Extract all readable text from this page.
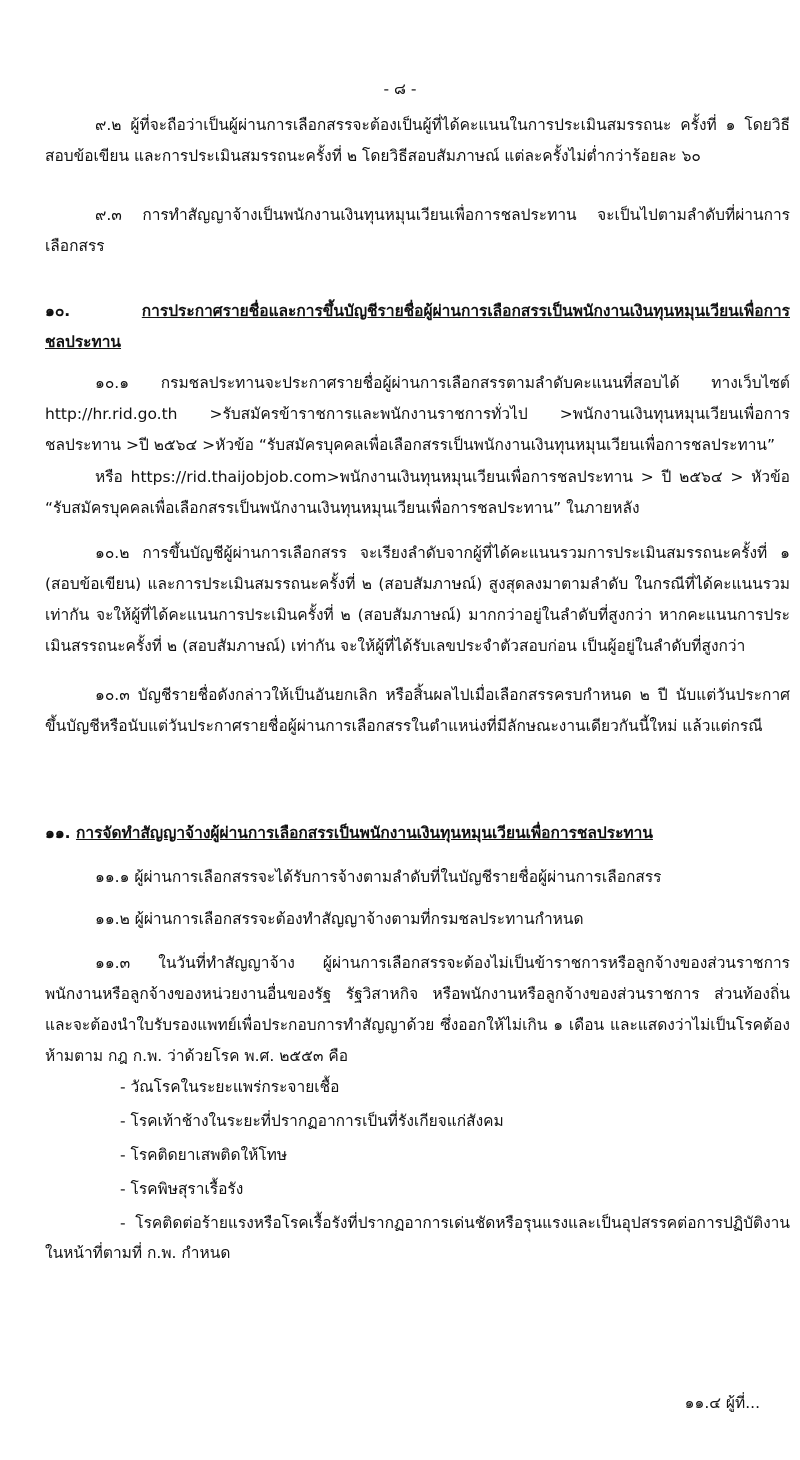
- ๘ -

๙.๒ ผู้ที่จะถือว่าเป็นผู้ผ่านการเลือกสรรจะต้องเป็นผู้ที่ได้คะแนนในการประเมินสมรรถนะ ครั้งที่ ๑ โดยวิธีสอบข้อเขียน และการประเมินสมรรถนะครั้งที่ ๒ โดยวิธีสอบสัมภาษณ์ แต่ละครั้งไม่ต่ำกว่าร้อยละ ๖๐

๙.๓ การทำสัญญาจ้างเป็นพนักงานเงินทุนหมุนเวียนเพื่อการชลประทาน จะเป็นไปตามลำดับที่ผ่านการเลือกสรร

๑๐.	การประกาศรายชื่อและการขึ้นบัญชีรายชื่อผู้ผ่านการเลือกสรรเป็นพนักงานเงินทุนหมุนเวียนเพื่อการชลประทาน

๑๐.๑ กรมชลประทานจะประกาศรายชื่อผู้ผ่านการเลือกสรรตามลำดับคะแนนที่สอบได้ ทางเว็บไซต์ http://hr.rid.go.th >รับสมัครข้าราชการและพนักงานราชการทั่วไป >พนักงานเงินทุนหมุนเวียนเพื่อการชลประทาน >ปี ๒๕๖๔ >หัวข้อ “รับสมัครบุคคลเพื่อเลือกสรรเป็นพนักงานเงินทุนหมุนเวียนเพื่อการชลประทาน”

หรือ https://rid.thaijobjob.com>พนักงานเงินทุนหมุนเวียนเพื่อการชลประทาน > ปี ๒๕๖๔ > หัวข้อ “รับสมัครบุคคลเพื่อเลือกสรรเป็นพนักงานเงินทุนหมุนเวียนเพื่อการชลประทาน” ในภายหลัง

๑๐.๒ การขึ้นบัญชีผู้ผ่านการเลือกสรร จะเรียงลำดับจากผู้ที่ได้คะแนนรวมการประเมินสมรรถนะครั้งที่ ๑ (สอบข้อเขียน) และการประเมินสมรรถนะครั้งที่ ๒ (สอบสัมภาษณ์) สูงสุดลงมาตามลำดับ ในกรณีที่ได้คะแนนรวมเท่ากัน จะให้ผู้ที่ได้คะแนนการประเมินครั้งที่ ๒ (สอบสัมภาษณ์) มากกว่าอยู่ในลำดับที่สูงกว่า หากคะแนนการประเมินสรรถนะครั้งที่ ๒ (สอบสัมภาษณ์) เท่ากัน จะให้ผู้ที่ได้รับเลขประจำตัวสอบก่อน เป็นผู้อยู่ในลำดับที่สูงกว่า

๑๐.๓ บัญชีรายชื่อดังกล่าวให้เป็นอันยกเลิก หรือสิ้นผลไปเมื่อเลือกสรรครบกำหนด ๒ ปี นับแต่วันประกาศขึ้นบัญชีหรือนับแต่วันประกาศรายชื่อผู้ผ่านการเลือกสรรในตำแหน่งที่มีลักษณะงานเดียวกันนี้ใหม่ แล้วแต่กรณี

๑๑. การจัดทำสัญญาจ้างผู้ผ่านการเลือกสรรเป็นพนักงานเงินทุนหมุนเวียนเพื่อการชลประทาน

๑๑.๑ ผู้ผ่านการเลือกสรรจะได้รับการจ้างตามลำดับที่ในบัญชีรายชื่อผู้ผ่านการเลือกสรร

๑๑.๒ ผู้ผ่านการเลือกสรรจะต้องทำสัญญาจ้างตามที่กรมชลประทานกำหนด

๑๑.๓ ในวันที่ทำสัญญาจ้าง ผู้ผ่านการเลือกสรรจะต้องไม่เป็นข้าราชการหรือลูกจ้างของส่วนราชการ พนักงานหรือลูกจ้างของหน่วยงานอื่นของรัฐ รัฐวิสาหกิจ หรือพนักงานหรือลูกจ้างของส่วนราชการ ส่วนท้องถิ่น และจะต้องนำใบรับรองแพทย์เพื่อประกอบการทำสัญญาด้วย ซึ่งออกให้ไม่เกิน ๑ เดือน และแสดงว่าไม่เป็นโรคต้องห้ามตาม กฎ ก.พ. ว่าด้วยโรค พ.ศ. ๒๕๕๓ คือ

- วัณโรคในระยะแพร่กระจายเชื้อ

- โรคเท้าช้างในระยะที่ปรากฏอาการเป็นที่รังเกียจแก่สังคม

- โรคติดยาเสพติดให้โทษ

- โรคพิษสุราเรื้อรัง

- โรคติดต่อร้ายแรงหรือโรคเรื้อรังที่ปรากฏอาการเด่นชัดหรือรุนแรงและเป็นอุปสรรคต่อการปฏิบัติงานในหน้าที่ตามที่ ก.พ. กำหนด

๑๑.๔ ผู้ที่...
